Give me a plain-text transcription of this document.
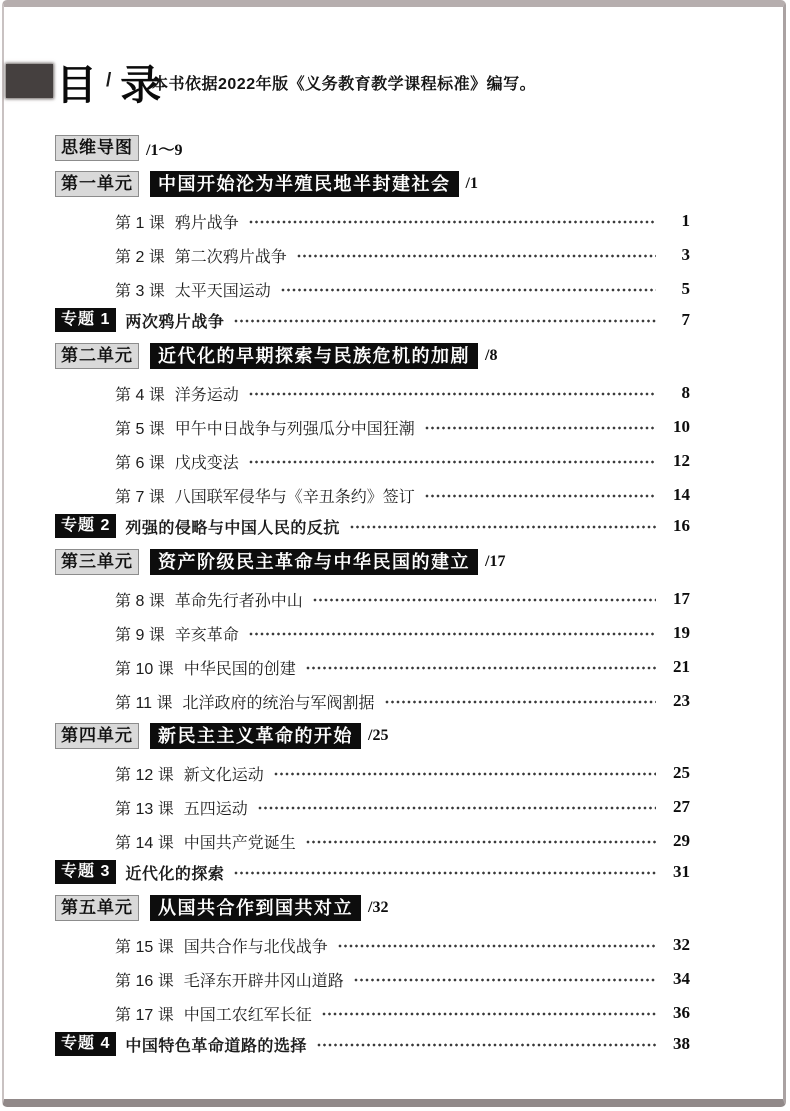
目 / 录
本书依据2022年版《义务教育教学课程标准》编写。
思维导图 /1～9
第一单元	中国开始沦为半殖民地半封建社会 /1
第 1 课 鸦片战争	1
第 2 课 第二次鸦片战争	3
第 3 课 太平天国运动	5
专题 1 两次鸦片战争	7
第二单元	近代化的早期探索与民族危机的加剧 /8
第 4 课 洋务运动	8
第 5 课 甲午中日战争与列强瓜分中国狂潮	10
第 6 课 戊戌变法	12
第 7 课 八国联军侵华与《辛丑条约》签订	14
专题 2 列强的侵略与中国人民的反抗	16
第三单元	资产阶级民主革命与中华民国的建立 /17
第 8 课 革命先行者孙中山	17
第 9 课 辛亥革命	19
第 10 课 中华民国的创建	21
第 11 课 北洋政府的统治与军阀割据	23
第四单元	新民主主义革命的开始 /25
第 12 课 新文化运动	25
第 13 课 五四运动	27
第 14 课 中国共产党诞生	29
专题 3 近代化的探索	31
第五单元	从国共合作到国共对立 /32
第 15 课 国共合作与北伐战争	32
第 16 课 毛泽东开辟井冈山道路	34
第 17 课 中国工农红军长征	36
专题 4 中国特色革命道路的选择	38
